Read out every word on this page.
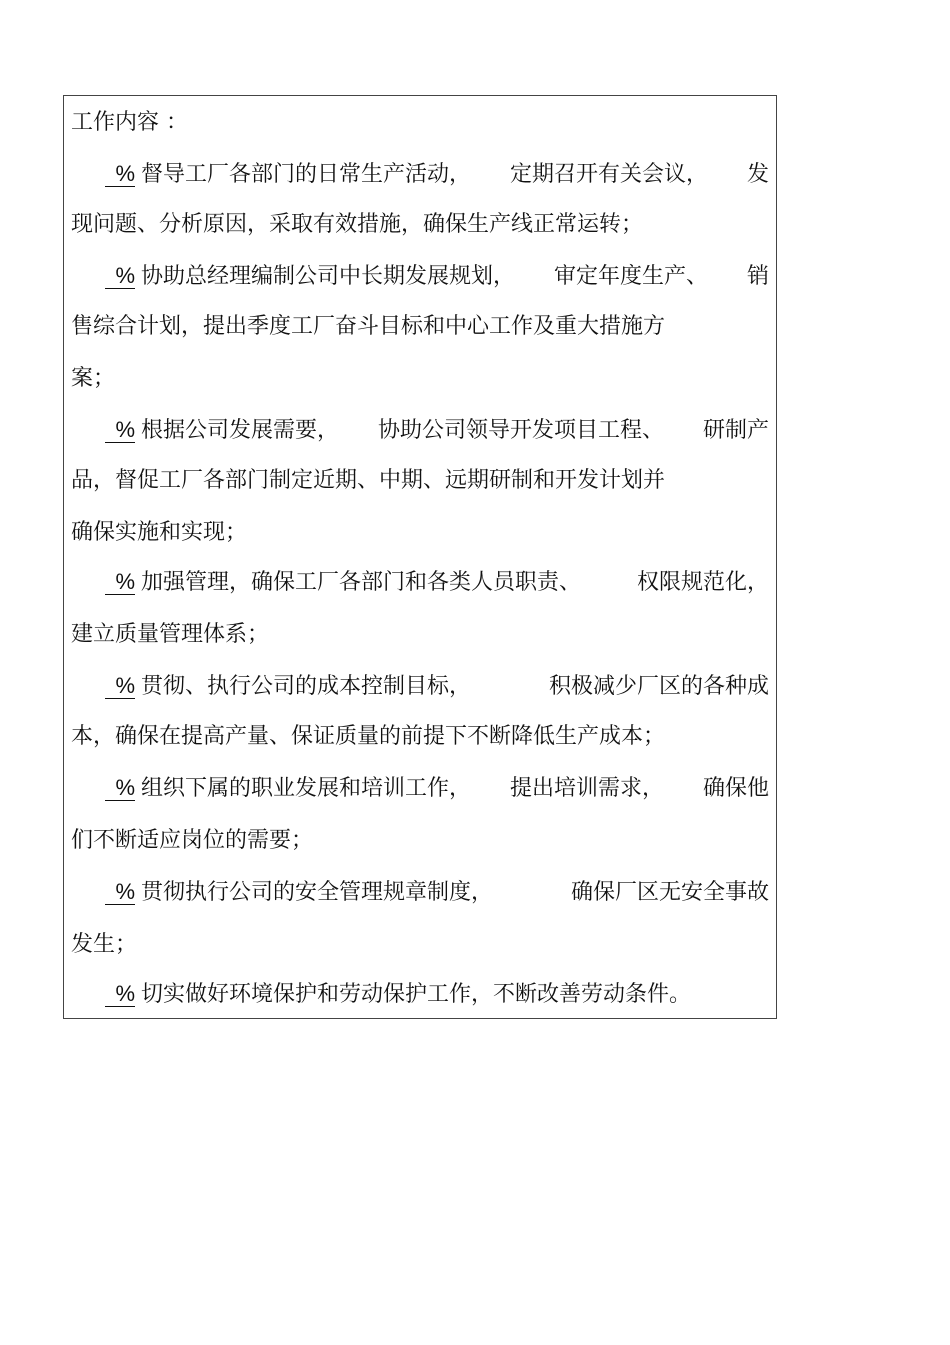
工作内容 ：
% 督导工厂各部门的日常生产活动， 定期召开有关会议， 发
现问题、分析原因，采取有效措施，确保生产线正常运转；
% 协助总经理编制公司中长期发展规划， 审定年度生产、 销
售综合计划，提出季度工厂奋斗目标和中心工作及重大措施方
案；
% 根据公司发展需要， 协助公司领导开发项目工程、 研制产
品，督促工厂各部门制定近期、中期、远期研制和开发计划并
确保实施和实现；
% 加强管理，确保工厂各部门和各类人员职责、	权限规范化，
建立质量管理体系；
% 贯彻、执行公司的成本控制目标，	积极减少厂区的各种成
本，确保在提高产量、保证质量的前提下不断降低生产成本；
% 组织下属的职业发展和培训工作， 提出培训需求， 确保他
们不断适应岗位的需要；
% 贯彻执行公司的安全管理规章制度，	确保厂区无安全事故
发生；
% 切实做好环境保护和劳动保护工作，不断改善劳动条件。
